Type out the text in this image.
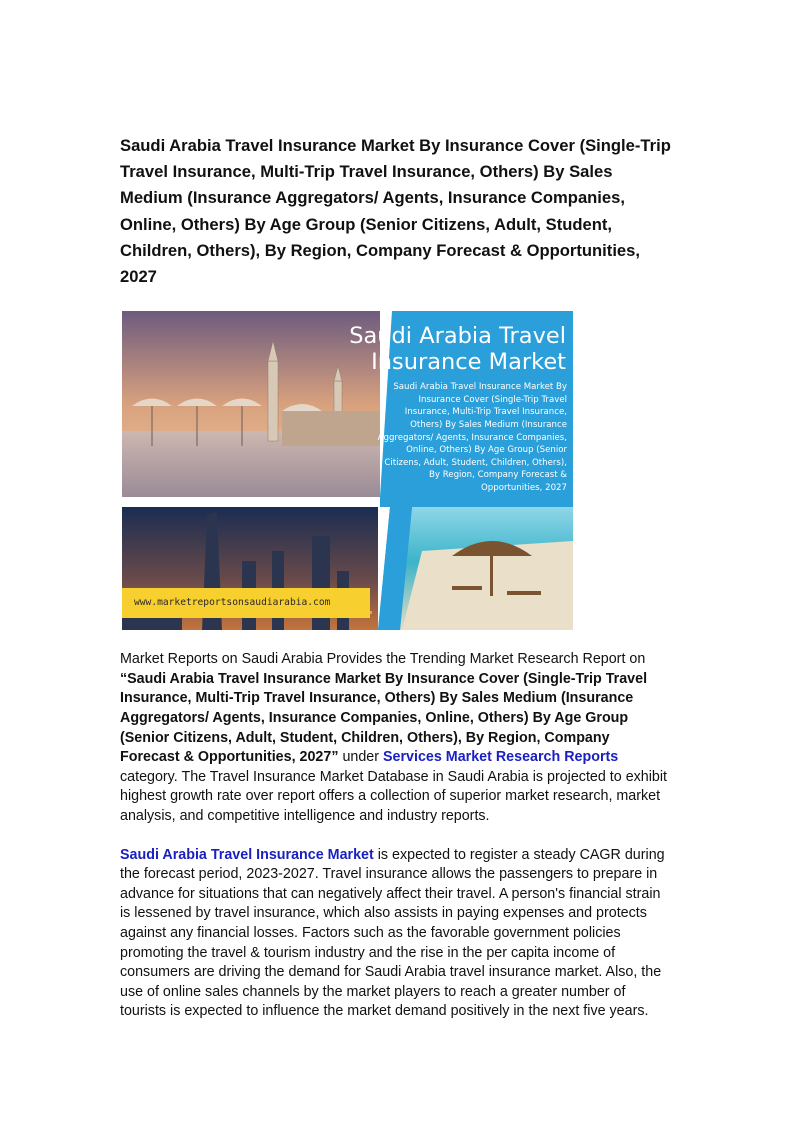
Saudi Arabia Travel Insurance Market By Insurance Cover (Single-Trip Travel Insurance, Multi-Trip Travel Insurance, Others) By Sales Medium (Insurance Aggregators/ Agents, Insurance Companies, Online, Others) By Age Group (Senior Citizens, Adult, Student, Children, Others), By Region, Company Forecast & Opportunities, 2027
Saudi Arabia Travel
Insurance Market
Saudi Arabia Travel Insurance Market By Insurance Cover (Single-Trip Travel Insurance, Multi-Trip Travel Insurance, Others) By Sales Medium (Insurance Aggregators/ Agents, Insurance Companies, Online, Others) By Age Group (Senior Citizens, Adult, Student, Children, Others), By Region, Company Forecast & Opportunities, 2027
www.marketreportsonsaudiarabia.com

Market Reports on Saudi Arabia Provides the Trending Market Research Report on “Saudi Arabia Travel Insurance Market By Insurance Cover (Single-Trip Travel Insurance, Multi-Trip Travel Insurance, Others) By Sales Medium (Insurance Aggregators/ Agents, Insurance Companies, Online, Others) By Age Group (Senior Citizens, Adult, Student, Children, Others), By Region, Company Forecast & Opportunities, 2027” under Services Market Research Reports category. The Travel Insurance Market Database in Saudi Arabia is projected to exhibit highest growth rate over report offers a collection of superior market research, market analysis, and competitive intelligence and industry reports.

Saudi Arabia Travel Insurance Market is expected to register a steady CAGR during the forecast period, 2023-2027. Travel insurance allows the passengers to prepare in advance for situations that can negatively affect their travel. A person's financial strain is lessened by travel insurance, which also assists in paying expenses and protects against any financial losses. Factors such as the favorable government policies promoting the travel & tourism industry and the rise in the per capita income of consumers are driving the demand for Saudi Arabia travel insurance market. Also, the use of online sales channels by the market players to reach a greater number of tourists is expected to influence the market demand positively in the next five years.
